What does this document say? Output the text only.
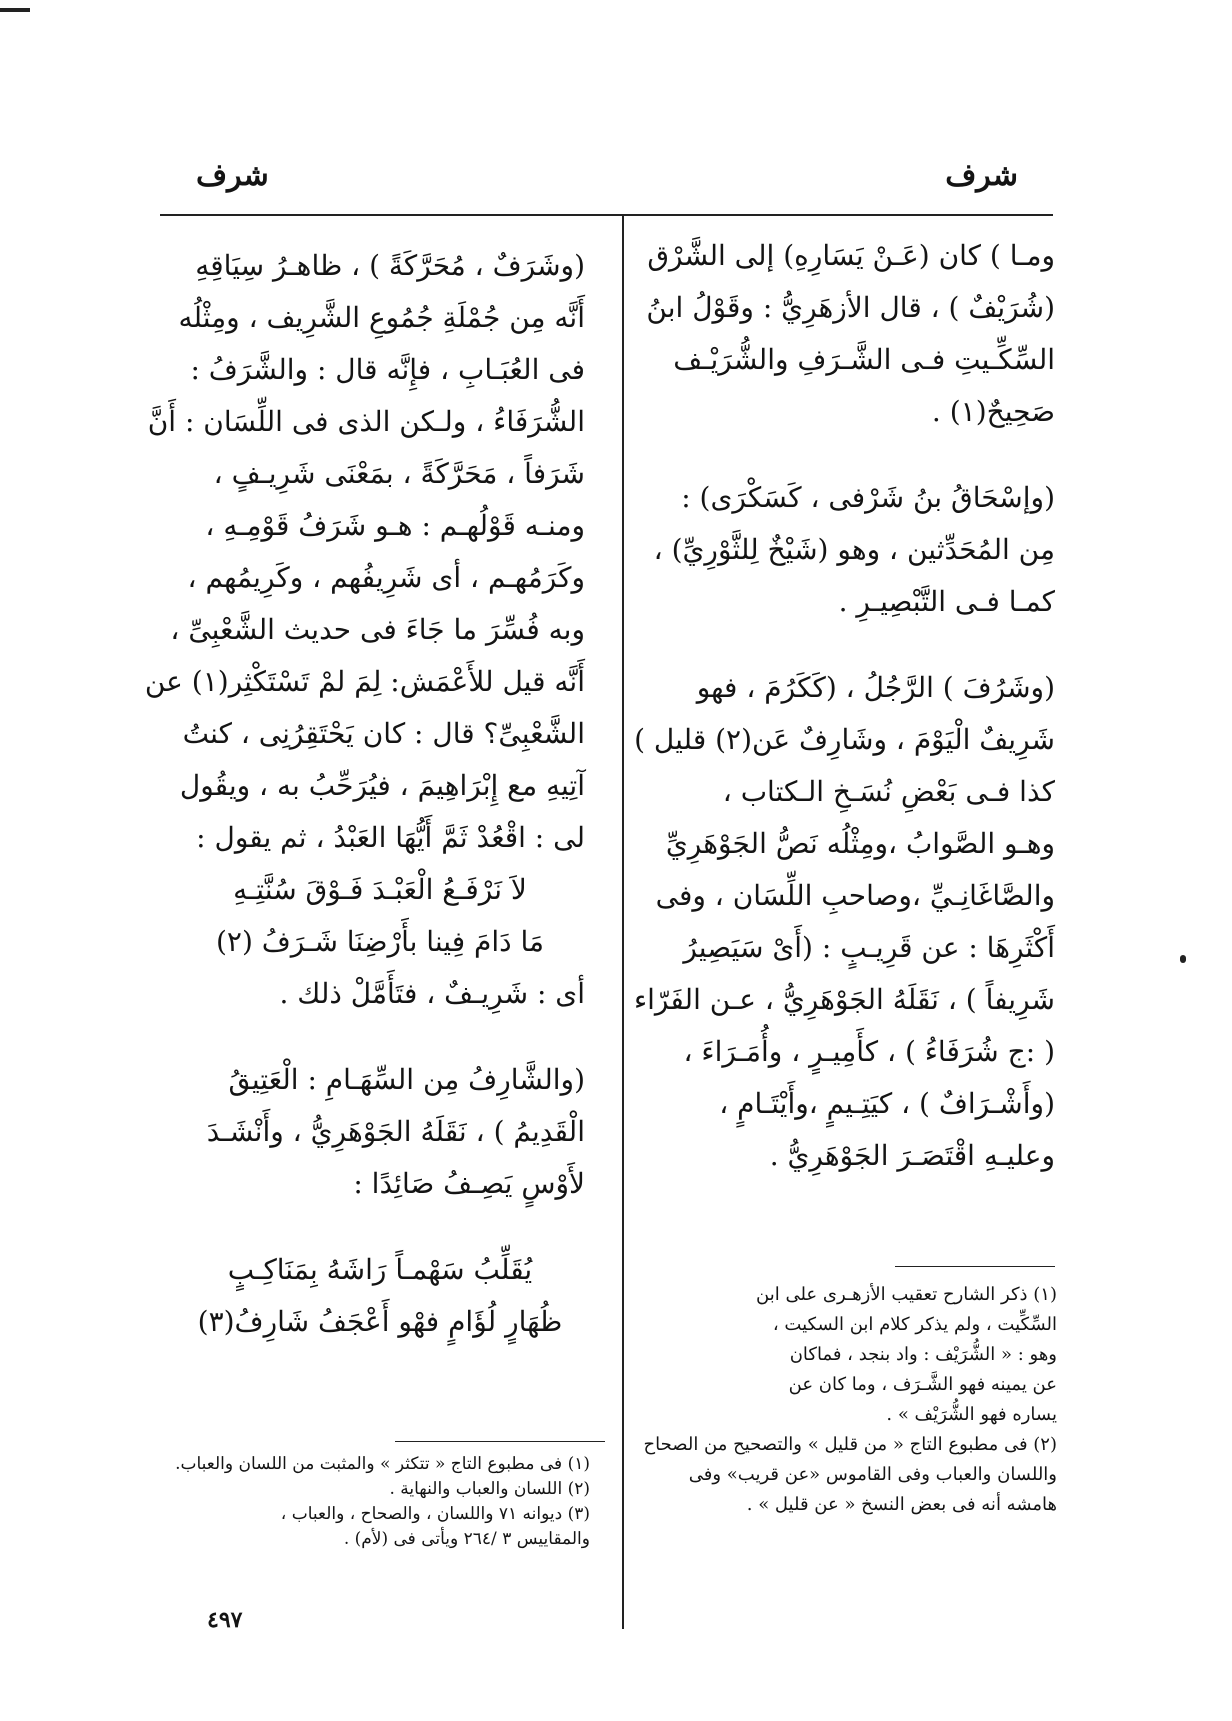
شرف
شرف
ومـا ) كان (عَـنْ يَسَارِهِ) إلى الشَّرْق
(شُرَيْفٌ ) ، قال الأزهَرِيُّ : وقَوْلُ ابنُ
السِّكِّـيتِ فـى الشَّـرَفِ والشُّرَيْـف
صَحِيحٌ(١) .
(وإسْحَاقُ بنُ شَرْفى ، كَسَكْرَى) :
مِن المُحَدِّثين ، وهو (شَيْخٌ لِلثَّوْرِيِّ) ،
كمـا فـى التَّبْصِيـرِ .
(وشَرُفَ ) الرَّجُلُ ، (كَكَرُمَ ، فهو
شَرِيفٌ الْيَوْمَ ، وشَارِفٌ عَن(٢) قليل )
كذا فـى بَعْضِ نُسَـخِ الـكتاب ،
وهـو الصَّوابُ ،ومِثْلُه نَصُّ الجَوْهَرِيِّ
والصَّاغَانِـيِّ ،وصاحبِ اللِّسَان ، وفى
أَكْثَرِهَا : عن قَرِيـبٍ : (أَىْ سَيَصِيرُ
شَرِيفاً ) ، نَقَلَهُ الجَوْهَرِيُّ ، عـن الفَرّاء
( :ج شُرَفَاءُ ) ، كأَمِيـرٍ ، وأُمَـرَاءَ ،
(وأَشْـرَافٌ ) ، كيَتِـيمٍ ،وأَيْتَـامٍ ،
وعليـهِ اقْتَصَـرَ الجَوْهَرِيُّ .
(وشَرَفٌ ، مُحَرَّكَةً ) ، ظاهـرُ سِيَاقِهِ
أَنَّه مِن جُمْلَةِ جُمُوعِ الشَّرِيف ، ومِثْلُه
فى العُبَـابِ ، فإِنَّه قال : والشَّرَفُ :
الشُّرَفَاءُ ، ولـكن الذى فى اللِّسَان : أَنَّ
شَرَفاً ، مَحَرَّكَةً ، بمَعْنَى شَرِيـفٍ ،
ومنـه قَوْلُهـم : هـو شَرَفُ قَوْمِـهِ ،
وكَرَمُهـم ، أى شَرِيفُهم ، وكَرِيمُهم ،
وبه فُسِّرَ ما جَاءَ فى حديث الشَّعْبِىِّ ،
أَنَّه قيل للأَعْمَش: لِمَ لمْ تَسْتَكْثِر(١) عن
الشَّعْبِىِّ؟ قال : كان يَحْتَقِرُنِى ، كنتُ
آتِيهِ مع إِبْرَاهِيمَ ، فيُرَحِّبُ به ، ويقُول
لى : اقْعُدْ ثَمَّ أَيُّهَا العَبْدُ ، ثم يقول :
لاَ نَرْفَـعُ الْعَبْـدَ فَـوْقَ سُنَّتِـهِ
مَا دَامَ فِينا بأَرْضِنَا شَـرَفُ (٢)
أى : شَرِيـفٌ ، فتَأَمَّلْ ذلك .
(والشَّارِفُ مِن السِّهَـامِ : الْعَتِيقُ
الْقَدِيمُ ) ، نَقَلَهُ الجَوْهَرِيُّ ، وأَنْشَـدَ
لأَوْسٍ يَصِـفُ صَائِدًا :
يُقَلِّبُ سَهْمـاً رَاشَهُ بِمَنَاكِـبٍ
ظُهَارٍ لُؤَامٍ فهْو أَعْجَفُ شَارِفُ(٣)
(١) ذكر الشارح تعقيب الأزهـرى على ابن
السِّكِّيت ، ولم يذكر كلام ابن السكيت ،
وهو : « الشُّرَيْف : واد بنجد ، فماكان
عن يمينه فهو الشَّـرَف ، وما كان عن
يساره فهو الشُّرَيْف » .
(٢) فى مطبوع التاج « من قليل » والتصحيح من الصحاح
واللسان والعباب وفى القاموس «عن قريب» وفى
هامشه أنه فى بعض النسخ « عن قليل » .
(١) فى مطبوع التاج « تتكثر » والمثبت من اللسان والعباب.
(٢) اللسان والعباب والنهاية .
(٣) ديوانه ٧١ واللسان ، والصحاح ، والعباب ،
والمقاييس ٣ /٢٦٤ ويأتى فى (لأم) .
٤٩٧
